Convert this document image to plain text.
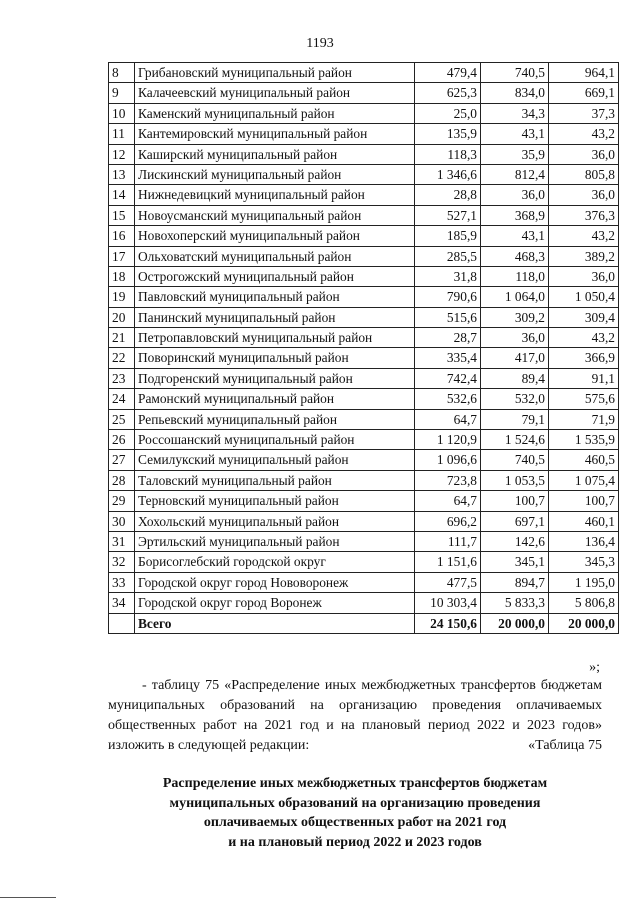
1193
8	Грибановский муниципальный район	479,4	740,5	964,1
9	Калачеевский муниципальный район	625,3	834,0	669,1
10	Каменский муниципальный район	25,0	34,3	37,3
11	Кантемировский муниципальный район	135,9	43,1	43,2
12	Каширский муниципальный район	118,3	35,9	36,0
13	Лискинский муниципальный район	1 346,6	812,4	805,8
14	Нижнедевицкий муниципальный район	28,8	36,0	36,0
15	Новоусманский муниципальный район	527,1	368,9	376,3
16	Новохоперский муниципальный район	185,9	43,1	43,2
17	Ольховатский муниципальный район	285,5	468,3	389,2
18	Острогожский муниципальный район	31,8	118,0	36,0
19	Павловский муниципальный район	790,6	1 064,0	1 050,4
20	Панинский муниципальный район	515,6	309,2	309,4
21	Петропавловский муниципальный район	28,7	36,0	43,2
22	Поворинский муниципальный район	335,4	417,0	366,9
23	Подгоренский муниципальный район	742,4	89,4	91,1
24	Рамонский муниципальный район	532,6	532,0	575,6
25	Репьевский муниципальный район	64,7	79,1	71,9
26	Россошанский муниципальный район	1 120,9	1 524,6	1 535,9
27	Семилукский муниципальный район	1 096,6	740,5	460,5
28	Таловский муниципальный район	723,8	1 053,5	1 075,4
29	Терновский муниципальный район	64,7	100,7	100,7
30	Хохольский муниципальный район	696,2	697,1	460,1
31	Эртильский муниципальный район	111,7	142,6	136,4
32	Борисоглебский городской округ	1 151,6	345,1	345,3
33	Городской округ город Нововоронеж	477,5	894,7	1 195,0
34	Городской округ город Воронеж	10 303,4	5 833,3	5 806,8
	Всего	24 150,6	20 000,0	20 000,0
»;

- таблицу 75 «Распределение иных межбюджетных трансфертов бюджетам муниципальных образований на организацию проведения оплачиваемых общественных работ на 2021 год и на плановый период 2022 и 2023 годов» изложить в следующей редакции:	«Таблица 75
Распределение иных межбюджетных трансфертов бюджетам
муниципальных образований на организацию проведения
оплачиваемых общественных работ на 2021 год
и на плановый период 2022 и 2023 годов
